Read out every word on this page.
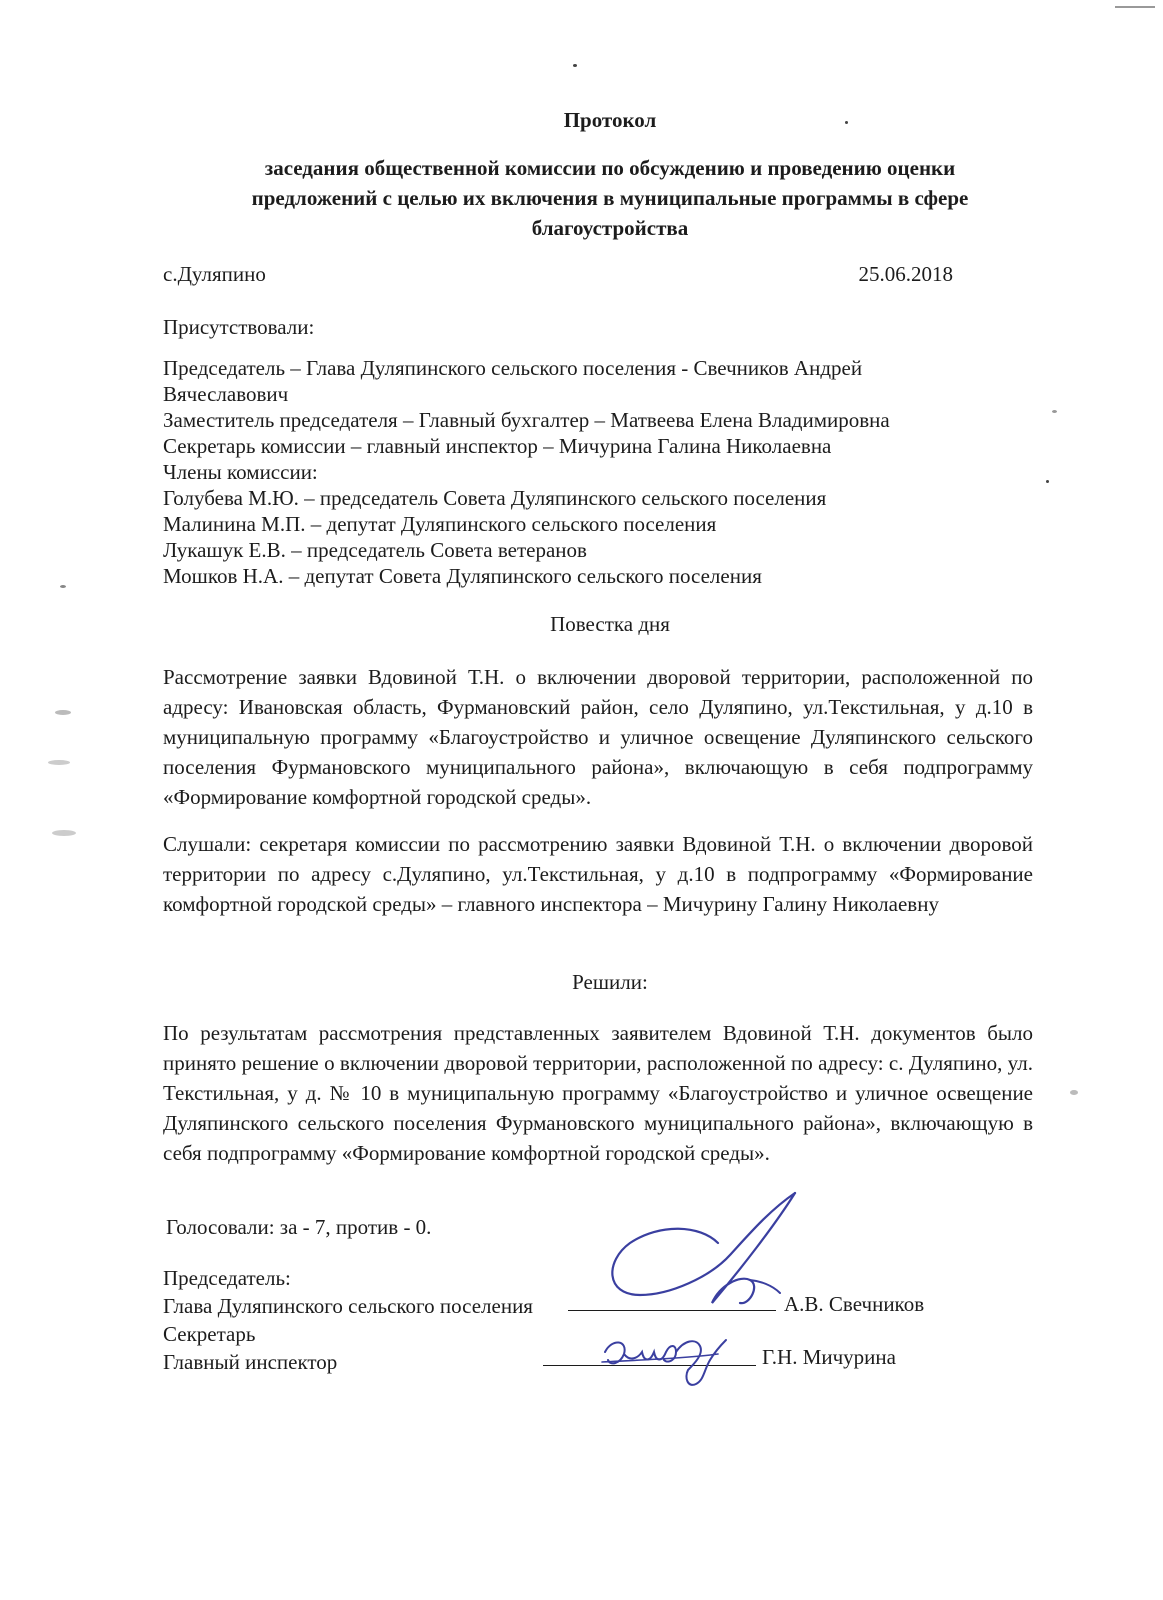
Протокол
заседания общественной комиссии по обсуждению и проведению оценки предложений с целью их включения в муниципальные программы в сфере благоустройства
с.Дуляпино	25.06.2018
Присутствовали:
Председатель – Глава Дуляпинского сельского поселения - Свечников Андрей
Вячеславович
Заместитель председателя – Главный бухгалтер – Матвеева Елена Владимировна
Секретарь комиссии – главный инспектор – Мичурина Галина Николаевна
Члены комиссии:
Голубева М.Ю. – председатель Совета Дуляпинского сельского поселения
Малинина М.П. – депутат Дуляпинского сельского поселения
Лукашук Е.В. – председатель Совета ветеранов
Мошков Н.А. – депутат Совета Дуляпинского сельского поселения
Повестка дня
Рассмотрение заявки Вдовиной Т.Н. о включении дворовой территории, расположенной по адресу: Ивановская область, Фурмановский район, село Дуляпино, ул.Текстильная, у д.10 в муниципальную программу «Благоустройство и уличное освещение Дуляпинского сельского поселения Фурмановского муниципального района», включающую в себя подпрограмму «Формирование комфортной городской среды».
Слушали: секретаря комиссии по рассмотрению заявки Вдовиной Т.Н. о включении дворовой территории по адресу с.Дуляпино, ул.Текстильная, у д.10 в подпрограмму «Формирование комфортной городской среды» – главного инспектора – Мичурину Галину Николаевну
Решили:
По результатам рассмотрения представленных заявителем Вдовиной Т.Н. документов было принято решение о включении дворовой территории, расположенной по адресу: с. Дуляпино, ул. Текстильная, у д. № 10 в муниципальную программу «Благоустройство и уличное освещение Дуляпинского сельского поселения Фурмановского муниципального района», включающую в себя подпрограмму «Формирование комфортной городской среды».
Голосовали: за - 7, против - 0.
Председатель:
Глава Дуляпинского сельского поселения
Секретарь
Главный инспектор
А.В. Свечников
Г.Н. Мичурина
